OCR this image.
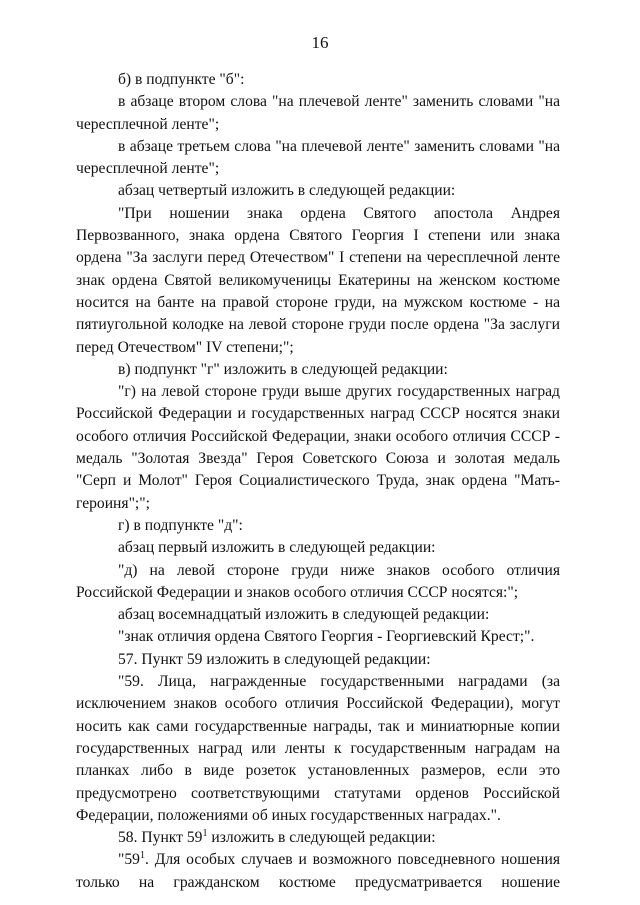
16

б) в подпункте "б":

в абзаце втором слова "на плечевой ленте" заменить словами "на чересплечной ленте";

в абзаце третьем слова "на плечевой ленте" заменить словами "на чересплечной ленте";

абзац четвертый изложить в следующей редакции:

"При ношении знака ордена Святого апостола Андрея Первозванного, знака ордена Святого Георгия I степени или знака ордена "За заслуги перед Отечеством" I степени на чересплечной ленте знак ордена Святой великомученицы Екатерины на женском костюме носится на банте на правой стороне груди, на мужском костюме - на пятиугольной колодке на левой стороне груди после ордена "За заслуги перед Отечеством" IV степени;";

в) подпункт "г" изложить в следующей редакции:

"г) на левой стороне груди выше других государственных наград Российской Федерации и государственных наград СССР носятся знаки особого отличия Российской Федерации, знаки особого отличия СССР - медаль "Золотая Звезда" Героя Советского Союза и золотая медаль "Серп и Молот" Героя Социалистического Труда, знак ордена "Мать-героиня";";

г) в подпункте "д":

абзац первый изложить в следующей редакции:

"д) на левой стороне груди ниже знаков особого отличия Российской Федерации и знаков особого отличия СССР носятся:";

абзац восемнадцатый изложить в следующей редакции:

"знак отличия ордена Святого Георгия - Георгиевский Крест;".

57. Пункт 59 изложить в следующей редакции:

"59. Лица, награжденные государственными наградами (за исключением знаков особого отличия Российской Федерации), могут носить как сами государственные награды, так и миниатюрные копии государственных наград или ленты к государственным наградам на планках либо в виде розеток установленных размеров, если это предусмотрено соответствующими статутами орденов Российской Федерации, положениями об иных государственных наградах.".

58. Пункт $59^1$ изложить в следующей редакции:

"$59^1$. Для особых случаев и возможного повседневного ношения только на гражданском костюме предусматривается ношение
